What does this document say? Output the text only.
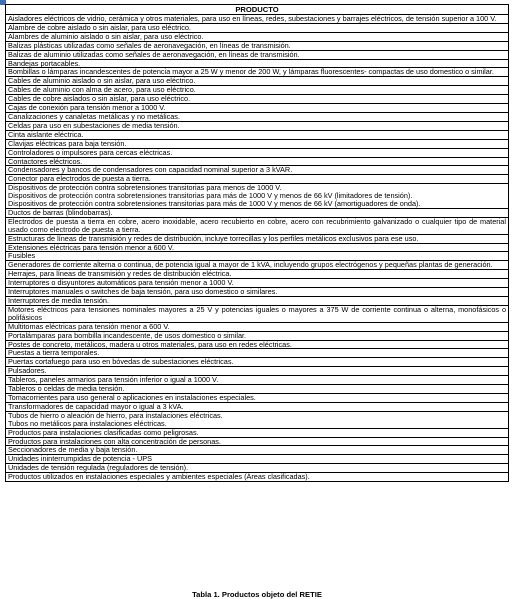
PRODUCTO
Aisladores eléctricos de vidrio, cerámica y otros materiales, para uso en líneas, redes, subestaciones y barrajes eléctricos, de tensión superior a 100 V.
Alambre de cobre aislado o sin aislar, para uso eléctrico.
Alambres de aluminio aislado o sin aislar, para uso eléctrico.
Balizas plásticas utilizadas como señales de aeronavegación, en líneas de transmisión.
Balizas de aluminio utilizadas como señales de aeronavegación, en líneas de transmisión.
Bandejas portacables.
Bombillas o lámparas incandescentes de potencia mayor a 25 W y menor de 200 W, y lámparas fluorescentes- compactas de uso domestico o similar.
Cables de aluminio aislado o sin aislar, para uso eléctrico.
Cables de aluminio con alma de acero, para uso eléctrico.
Cables de cobre aislados o sin aislar, para uso eléctrico.
Cajas de conexión para tensión menor a 1000 V.
Canalizaciones y canaletas metálicas y no metálicas.
Celdas para uso en subestaciones de media tensión.
Cinta aislante eléctrica.
Clavijas eléctricas para baja tensión.
Controladores o impulsores para cercas eléctricas.
Contactores eléctricos.
Condensadores y bancos de condensadores con capacidad nominal superior a 3 kVAR.
Conector para electrodos de puesta a tierra.
Dispositivos de protección contra sobretensiones transitorias para menos de 1000 V.
Dispositivos de protección contra sobretensiones transitorias para más de 1000 V y menos de 66 kV (limitadores de tensión).
Dispositivos de protección contra sobretensiones transitorias para más de 1000 V y menos de 66 kV (amortiguadores de onda).
Ductos de barras (blindobarras).
Electrodos de puesta a tierra en cobre, acero inoxidable, acero recubierto en cobre, acero con recubrimiento galvanizado o cualquier tipo de material usado como electrodo de puesta a tierra.
Estructuras de líneas de transmisión y redes de distribución, incluye torrecillas y los perfiles metálicos exclusivos para ese uso.
Extensiones eléctricas para tensión menor a 600 V.
Fusibles
Generadores de corriente alterna o continua, de potencia igual a mayor de 1 kVA, incluyendo grupos electrógenos y pequeñas plantas de generación.
Herrajes, para líneas de transmisión y redes de distribución eléctrica.
Interruptores o disyuntores automáticos para tensión menor a 1000 V.
Interruptores manuales o switches de baja tensión, para uso domestico o similares.
Interruptores de media tensión.
Motores eléctricos para tensiones nominales mayores a 25 V y potencias iguales o mayores a 375 W de corriente continua o alterna, monofásicos o polifásicos
Multitomas eléctricas para tensión menor a 600 V.
Portalámparas para bombilla incandescente, de usos domestico o similar.
Postes de concreto, metálicos, madera u otros materiales, para uso en redes eléctricas.
Puestas a tierra temporales.
Puertas cortafuego para uso en bóvedas de subestaciones eléctricas.
Pulsadores.
Tableros, paneles armarios para tensión inferior o igual a 1000 V.
Tableros o celdas de media tensión.
Tomacorrientes para uso general o aplicaciones en instalaciones especiales.
Transformadores de capacidad mayor o igual a 3 kVA.
Tubos de hierro o aleación de hierro, para instalaciones eléctricas.
Tubos no metálicos para instalaciones eléctricas.
Productos para instalaciones clasificadas como peligrosas.
Productos para instalaciones con alta concentración de personas.
Seccionadores de media y baja tensión.
Unidades ininterrumpidas de potencia - UPS
Unidades de tensión regulada (reguladores de tensión).
Productos utilizados en instalaciones especiales y ambientes especiales (Áreas clasificadas).
Tabla 1. Productos objeto del RETIE
